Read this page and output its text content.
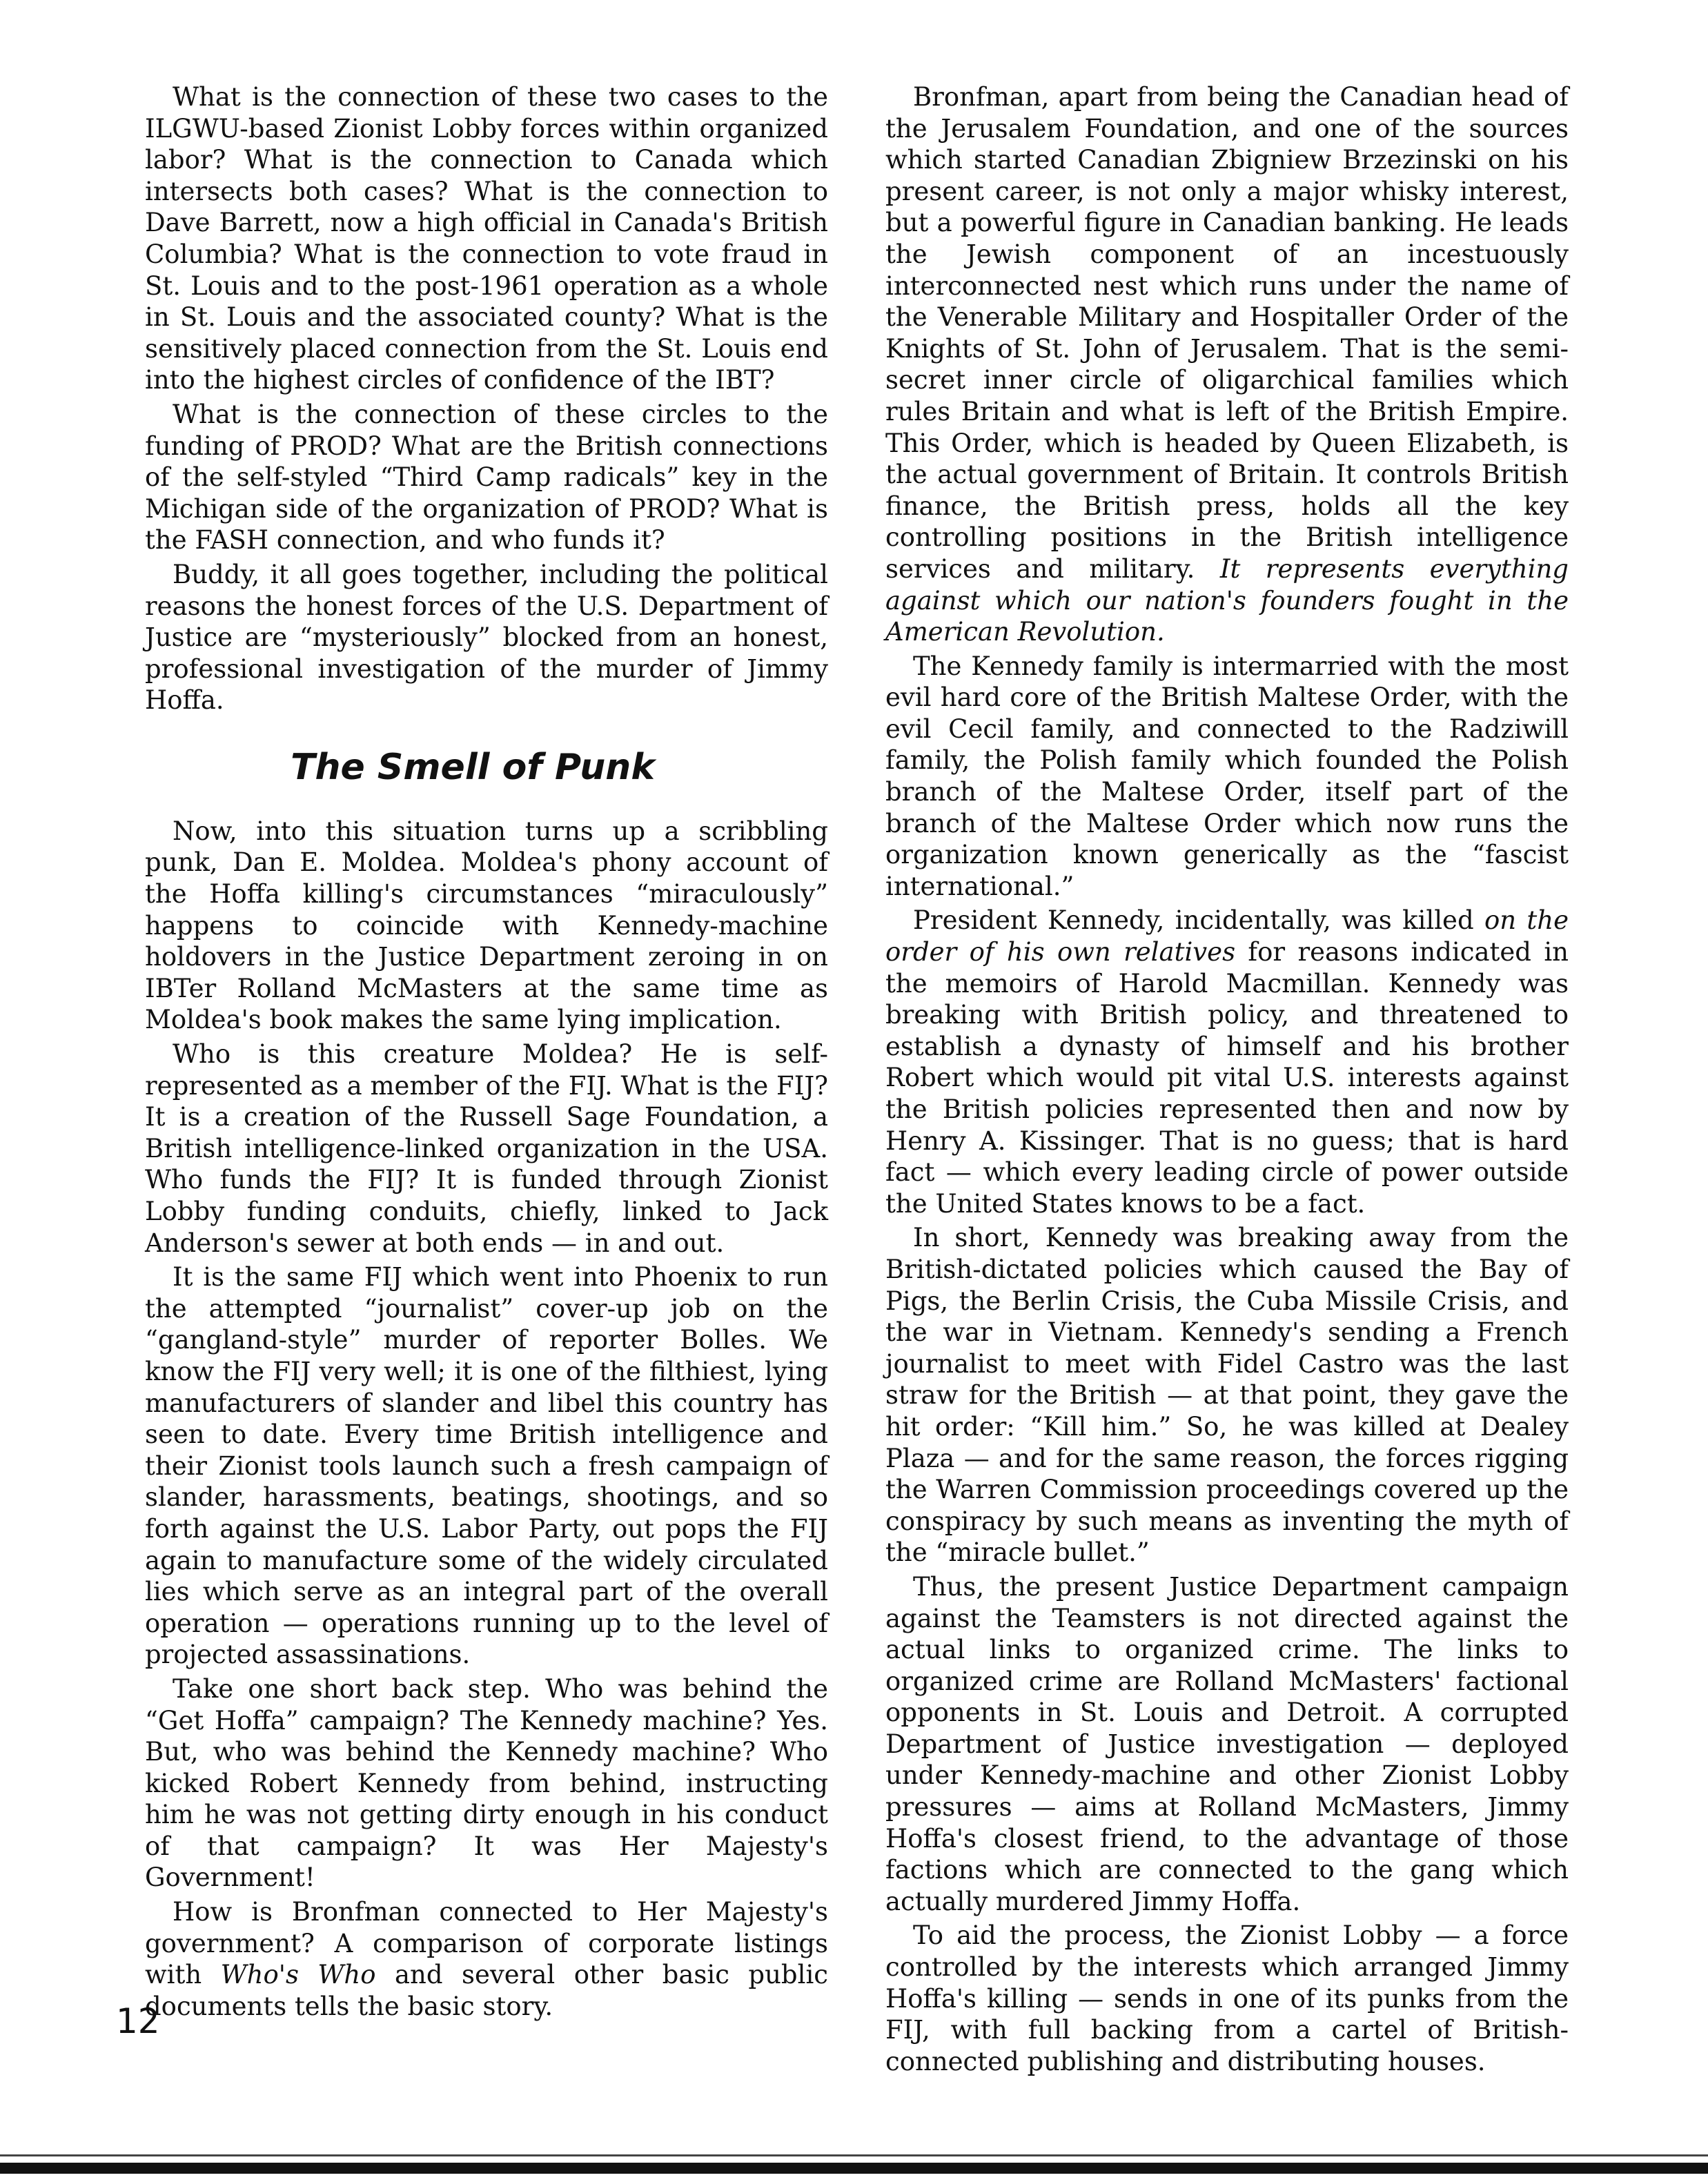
What is the connection of these two cases to the ILGWU-based Zionist Lobby forces within organized labor? What is the connection to Canada which intersects both cases? What is the connection to Dave Barrett, now a high official in Canada's British Columbia? What is the connection to vote fraud in St. Louis and to the post-1961 operation as a whole in St. Louis and the associated county? What is the sensitively placed connection from the St. Louis end into the highest circles of confidence of the IBT?

What is the connection of these circles to the funding of PROD? What are the British connections of the self-styled “Third Camp radicals” key in the Michigan side of the organization of PROD? What is the FASH connection, and who funds it?

Buddy, it all goes together, including the political reasons the honest forces of the U.S. Department of Justice are “mysteriously” blocked from an honest, professional investigation of the murder of Jimmy Hoffa.

The Smell of Punk

Now, into this situation turns up a scribbling punk, Dan E. Moldea. Moldea's phony account of the Hoffa killing's circumstances “miraculously” happens to coincide with Kennedy-machine holdovers in the Justice Department zeroing in on IBTer Rolland McMasters at the same time as Moldea's book makes the same lying implication.

Who is this creature Moldea? He is self-represented as a member of the FIJ. What is the FIJ? It is a creation of the Russell Sage Foundation, a British intelligence-linked organization in the USA. Who funds the FIJ? It is funded through Zionist Lobby funding conduits, chiefly, linked to Jack Anderson's sewer at both ends — in and out.

It is the same FIJ which went into Phoenix to run the attempted “journalist” cover-up job on the “gangland-style” murder of reporter Bolles. We know the FIJ very well; it is one of the filthiest, lying manufacturers of slander and libel this country has seen to date. Every time British intelligence and their Zionist tools launch such a fresh campaign of slander, harassments, beatings, shootings, and so forth against the U.S. Labor Party, out pops the FIJ again to manufacture some of the widely circulated lies which serve as an integral part of the overall operation — operations running up to the level of projected assassinations.

Take one short back step. Who was behind the “Get Hoffa” campaign? The Kennedy machine? Yes. But, who was behind the Kennedy machine? Who kicked Robert Kennedy from behind, instructing him he was not getting dirty enough in his conduct of that campaign? It was Her Majesty's Government!

How is Bronfman connected to Her Majesty's government? A comparison of corporate listings with Who's Who and several other basic public documents tells the basic story.

Bronfman, apart from being the Canadian head of the Jerusalem Foundation, and one of the sources which started Canadian Zbigniew Brzezinski on his present career, is not only a major whisky interest, but a powerful figure in Canadian banking. He leads the Jewish component of an incestuously interconnected nest which runs under the name of the Venerable Military and Hospitaller Order of the Knights of St. John of Jerusalem. That is the semi-secret inner circle of oligarchical families which rules Britain and what is left of the British Empire. This Order, which is headed by Queen Elizabeth, is the actual government of Britain. It controls British finance, the British press, holds all the key controlling positions in the British intelligence services and military. It represents everything against which our nation's founders fought in the American Revolution.

The Kennedy family is intermarried with the most evil hard core of the British Maltese Order, with the evil Cecil family, and connected to the Radziwill family, the Polish family which founded the Polish branch of the Maltese Order, itself part of the branch of the Maltese Order which now runs the organization known generically as the “fascist international.”

President Kennedy, incidentally, was killed on the order of his own relatives for reasons indicated in the memoirs of Harold Macmillan. Kennedy was breaking with British policy, and threatened to establish a dynasty of himself and his brother Robert which would pit vital U.S. interests against the British policies represented then and now by Henry A. Kissinger. That is no guess; that is hard fact — which every leading circle of power outside the United States knows to be a fact.

In short, Kennedy was breaking away from the British-dictated policies which caused the Bay of Pigs, the Berlin Crisis, the Cuba Missile Crisis, and the war in Vietnam. Kennedy's sending a French journalist to meet with Fidel Castro was the last straw for the British — at that point, they gave the hit order: “Kill him.” So, he was killed at Dealey Plaza — and for the same reason, the forces rigging the Warren Commission proceedings covered up the conspiracy by such means as inventing the myth of the “miracle bullet.”

Thus, the present Justice Department campaign against the Teamsters is not directed against the actual links to organized crime. The links to organized crime are Rolland McMasters' factional opponents in St. Louis and Detroit. A corrupted Department of Justice investigation — deployed under Kennedy-machine and other Zionist Lobby pressures — aims at Rolland McMasters, Jimmy Hoffa's closest friend, to the advantage of those factions which are connected to the gang which actually murdered Jimmy Hoffa.

To aid the process, the Zionist Lobby — a force controlled by the interests which arranged Jimmy Hoffa's killing — sends in one of its punks from the FIJ, with full backing from a cartel of British-connected publishing and distributing houses.

12
